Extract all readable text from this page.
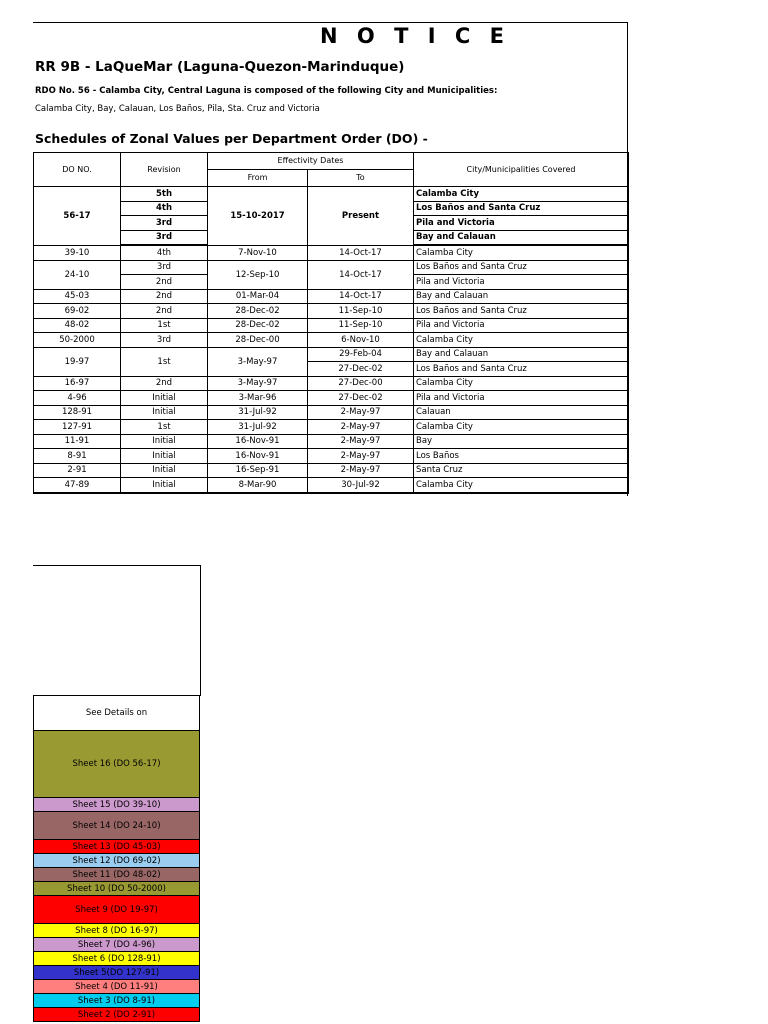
N O T I C E
RR 9B - LaQueMar (Laguna-Quezon-Marinduque)
RDO No. 56 - Calamba City, Central Laguna is composed of the following City and Municipalities:
Calamba City, Bay, Calauan, Los Baños, Pila, Sta. Cruz and Victoria
Schedules of Zonal Values per Department Order (DO) -
DO NO.	Revision	Effectivity Dates		City/Municipalities Covered
		From	To	
56-17	5th	15-10-2017	Present	Calamba City
	4th			Los Baños and Santa Cruz
	3rd			Pila and Victoria
	3rd			Bay and Calauan
39-10	4th	7-Nov-10	14-Oct-17	Calamba City
24-10	3rd	12-Sep-10	14-Oct-17	Los Baños and Santa Cruz
	2nd			Pila and Victoria
45-03	2nd	01-Mar-04	14-Oct-17	Bay and Calauan
69-02	2nd	28-Dec-02	11-Sep-10	Los Baños and Santa Cruz
48-02	1st	28-Dec-02	11-Sep-10	Pila and Victoria
50-2000	3rd	28-Dec-00	6-Nov-10	Calamba City
19-97	1st	3-May-97	29-Feb-04	Bay and Calauan
			27-Dec-02	Los Baños and Santa Cruz
16-97	2nd	3-May-97	27-Dec-00	Calamba City
4-96	Initial	3-Mar-96	27-Dec-02	Pila and Victoria
128-91	Initial	31-Jul-92	2-May-97	Calauan
127-91	1st	31-Jul-92	2-May-97	Calamba City
11-91	Initial	16-Nov-91	2-May-97	Bay
8-91	Initial	16-Nov-91	2-May-97	Los Baños
2-91	Initial	16-Sep-91	2-May-97	Santa Cruz
47-89	Initial	8-Mar-90	30-Jul-92	Calamba City
See Details on
Sheet 16 (DO 56-17)
Sheet 15 (DO 39-10)
Sheet 14 (DO 24-10)
Sheet 13 (DO 45-03)
Sheet 12 (DO 69-02)
Sheet 11 (DO 48-02)
Sheet 10 (DO 50-2000)
Sheet 9 (DO 19-97)
Sheet 8 (DO 16-97)
Sheet 7 (DO 4-96)
Sheet 6 (DO 128-91)
Sheet 5(DO 127-91)
Sheet 4 (DO 11-91)
Sheet 3 (DO 8-91)
Sheet 2 (DO 2-91)
